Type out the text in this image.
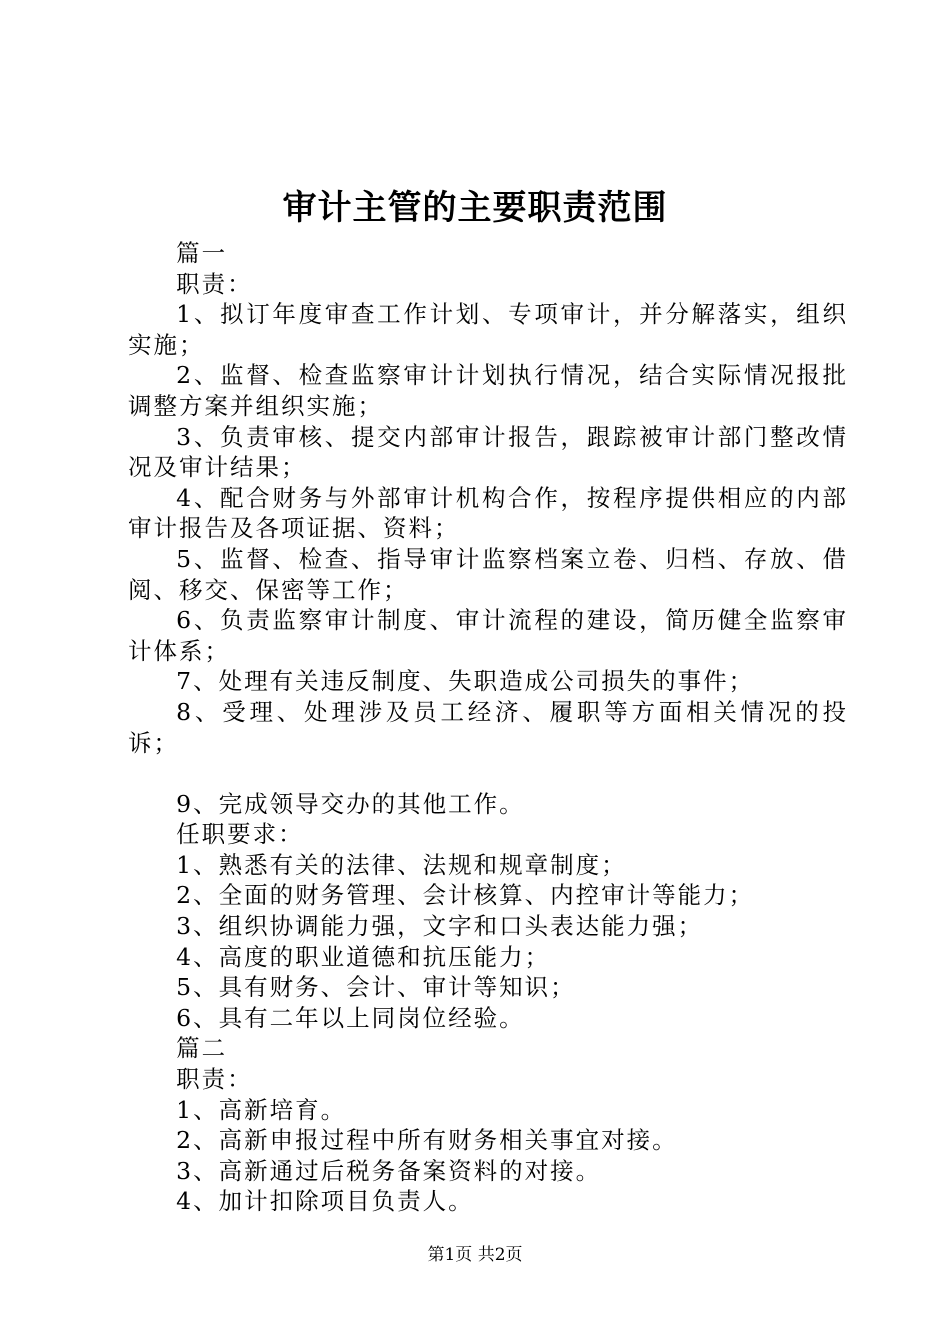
审计主管的主要职责范围

篇一

职责：

1、拟订年度审查工作计划、专项审计，并分解落实，组织实施；

2、监督、检查监察审计计划执行情况，结合实际情况报批调整方案并组织实施；

3、负责审核、提交内部审计报告，跟踪被审计部门整改情况及审计结果；

4、配合财务与外部审计机构合作，按程序提供相应的内部审计报告及各项证据、资料；

5、监督、检查、指导审计监察档案立卷、归档、存放、借阅、移交、保密等工作；

6、负责监察审计制度、审计流程的建设，简历健全监察审计体系；

7、处理有关违反制度、失职造成公司损失的事件；

8、受理、处理涉及员工经济、履职等方面相关情况的投诉；

9、完成领导交办的其他工作。

任职要求：

1、熟悉有关的法律、法规和规章制度；

2、全面的财务管理、会计核算、内控审计等能力；

3、组织协调能力强，文字和口头表达能力强；

4、高度的职业道德和抗压能力；

5、具有财务、会计、审计等知识；

6、具有二年以上同岗位经验。

篇二

职责：

1、高新培育。

2、高新申报过程中所有财务相关事宜对接。

3、高新通过后税务备案资料的对接。

4、加计扣除项目负责人。

第1页 共2页
